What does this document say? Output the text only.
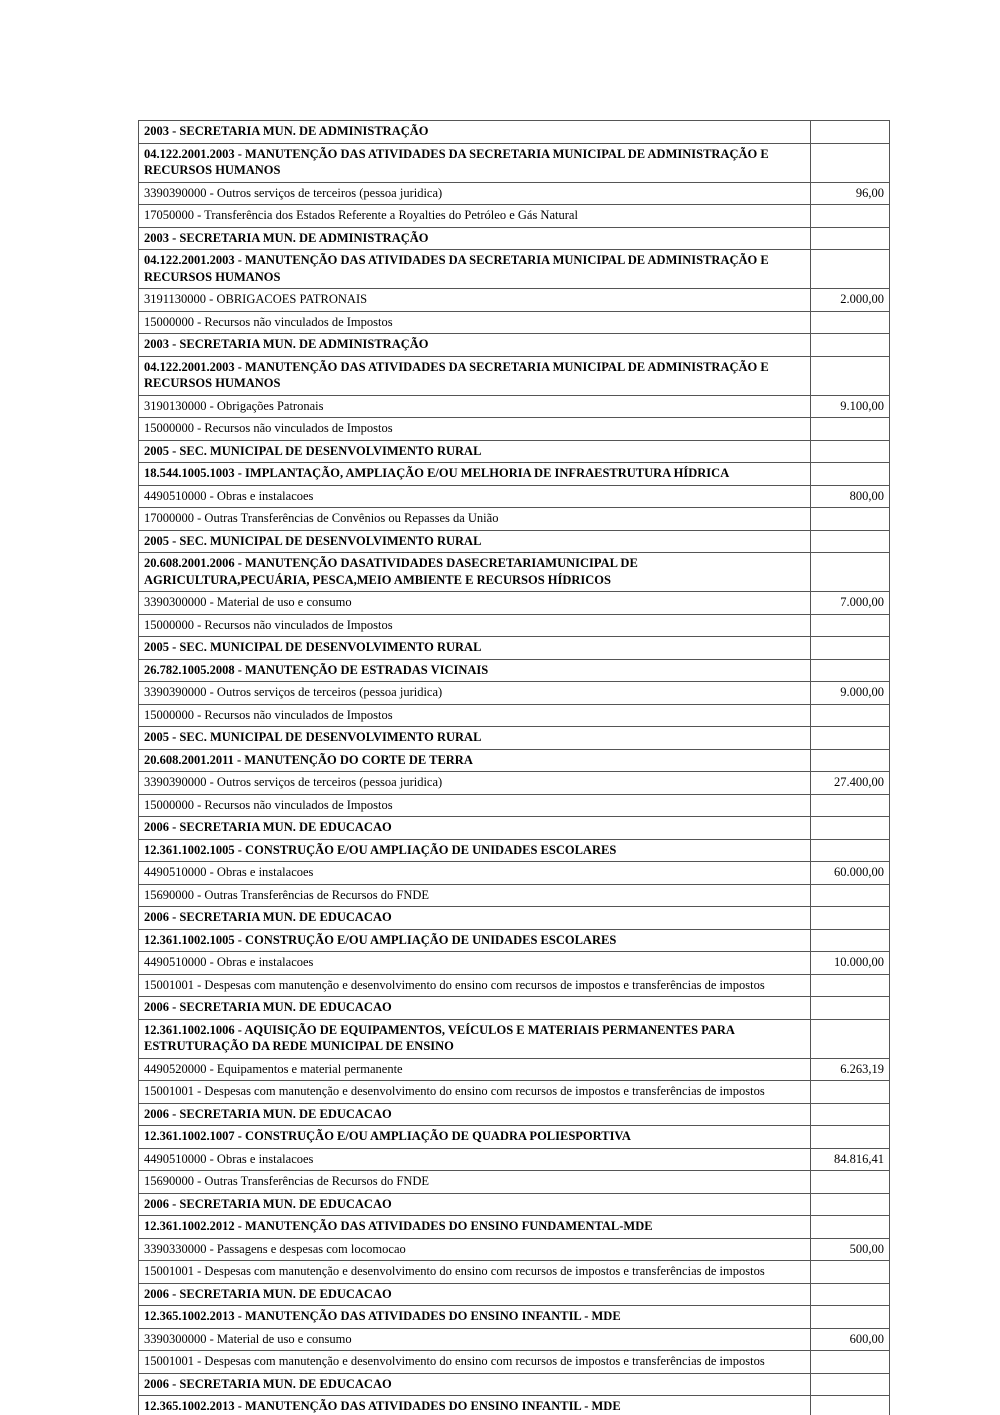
2003 - SECRETARIA MUN. DE ADMINISTRAÇÃO
04.122.2001.2003 - MANUTENÇÃO DAS ATIVIDADES DA SECRETARIA MUNICIPAL DE ADMINISTRAÇÃO E RECURSOS HUMANOS
3390390000 - Outros serviços de terceiros (pessoa juridica)	96,00
17050000 - Transferência dos Estados Referente a Royalties do Petróleo e Gás Natural
2003 - SECRETARIA MUN. DE ADMINISTRAÇÃO
04.122.2001.2003 - MANUTENÇÃO DAS ATIVIDADES DA SECRETARIA MUNICIPAL DE ADMINISTRAÇÃO E RECURSOS HUMANOS
3191130000 - OBRIGACOES PATRONAIS	2.000,00
15000000 - Recursos não vinculados de Impostos
2003 - SECRETARIA MUN. DE ADMINISTRAÇÃO
04.122.2001.2003 - MANUTENÇÃO DAS ATIVIDADES DA SECRETARIA MUNICIPAL DE ADMINISTRAÇÃO E RECURSOS HUMANOS
3190130000 - Obrigações Patronais	9.100,00
15000000 - Recursos não vinculados de Impostos
2005 - SEC. MUNICIPAL DE DESENVOLVIMENTO RURAL
18.544.1005.1003 - IMPLANTAÇÃO, AMPLIAÇÃO E/OU MELHORIA DE INFRAESTRUTURA HÍDRICA
4490510000 - Obras e instalacoes	800,00
17000000 - Outras Transferências de Convênios ou Repasses da União
2005 - SEC. MUNICIPAL DE DESENVOLVIMENTO RURAL
20.608.2001.2006 - MANUTENÇÃO DASATIVIDADES DASECRETARIAMUNICIPAL DE AGRICULTURA,PECUÁRIA, PESCA,MEIO AMBIENTE E RECURSOS HÍDRICOS
3390300000 - Material de uso e consumo	7.000,00
15000000 - Recursos não vinculados de Impostos
2005 - SEC. MUNICIPAL DE DESENVOLVIMENTO RURAL
26.782.1005.2008 - MANUTENÇÃO DE ESTRADAS VICINAIS
3390390000 - Outros serviços de terceiros (pessoa juridica)	9.000,00
15000000 - Recursos não vinculados de Impostos
2005 - SEC. MUNICIPAL DE DESENVOLVIMENTO RURAL
20.608.2001.2011 - MANUTENÇÃO DO CORTE DE TERRA
3390390000 - Outros serviços de terceiros (pessoa juridica)	27.400,00
15000000 - Recursos não vinculados de Impostos
2006 - SECRETARIA MUN. DE EDUCACAO
12.361.1002.1005 - CONSTRUÇÃO E/OU AMPLIAÇÃO DE UNIDADES ESCOLARES
4490510000 - Obras e instalacoes	60.000,00
15690000 - Outras Transferências de Recursos do FNDE
2006 - SECRETARIA MUN. DE EDUCACAO
12.361.1002.1005 - CONSTRUÇÃO E/OU AMPLIAÇÃO DE UNIDADES ESCOLARES
4490510000 - Obras e instalacoes	10.000,00
15001001 - Despesas com manutenção e desenvolvimento do ensino com recursos de impostos e transferências de impostos
2006 - SECRETARIA MUN. DE EDUCACAO
12.361.1002.1006 - AQUISIÇÃO DE EQUIPAMENTOS, VEÍCULOS E MATERIAIS PERMANENTES PARA ESTRUTURAÇÃO DA REDE MUNICIPAL DE ENSINO
4490520000 - Equipamentos e material permanente	6.263,19
15001001 - Despesas com manutenção e desenvolvimento do ensino com recursos de impostos e transferências de impostos
2006 - SECRETARIA MUN. DE EDUCACAO
12.361.1002.1007 - CONSTRUÇÃO E/OU AMPLIAÇÃO DE QUADRA POLIESPORTIVA
4490510000 - Obras e instalacoes	84.816,41
15690000 - Outras Transferências de Recursos do FNDE
2006 - SECRETARIA MUN. DE EDUCACAO
12.361.1002.2012 - MANUTENÇÃO DAS ATIVIDADES DO ENSINO FUNDAMENTAL-MDE
3390330000 - Passagens e despesas com locomocao	500,00
15001001 - Despesas com manutenção e desenvolvimento do ensino com recursos de impostos e transferências de impostos
2006 - SECRETARIA MUN. DE EDUCACAO
12.365.1002.2013 - MANUTENÇÃO DAS ATIVIDADES DO ENSINO INFANTIL - MDE
3390300000 - Material de uso e consumo	600,00
15001001 - Despesas com manutenção e desenvolvimento do ensino com recursos de impostos e transferências de impostos
2006 - SECRETARIA MUN. DE EDUCACAO
12.365.1002.2013 - MANUTENÇÃO DAS ATIVIDADES DO ENSINO INFANTIL - MDE
